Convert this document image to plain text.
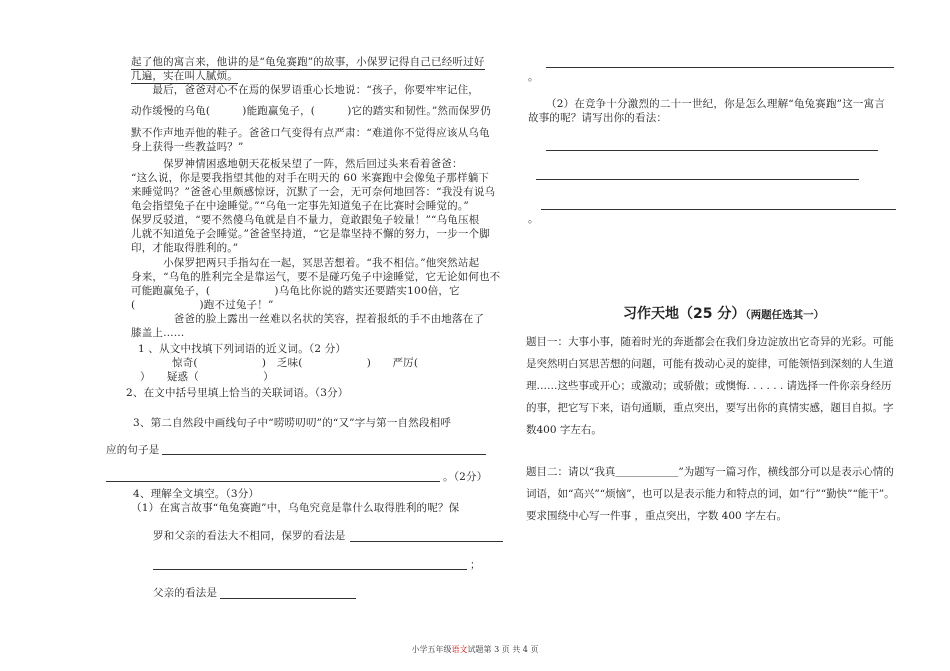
起了他的寓言来，他讲的是“龟兔赛跑”的故事，小保罗记得自己已经听过好
几遍，实在叫人腻烦。
　　最后，爸爸对心不在焉的保罗语重心长地说：“孩子，你要牢牢记住，
动作缓慢的乌龟(　　　)能跑赢兔子，(　　　)它的踏实和韧性。”然而保罗仍
默不作声地弄他的鞋子。爸爸口气变得有点严肃：“难道你不觉得应该从乌龟
身上获得一些教益吗？”
　　　保罗神情困惑地朝天花板呆望了一阵，然后回过头来看着爸爸：
“这么说，你是要我指望其他的对手在明天的 60 米赛跑中会像兔子那样躺下
来睡觉吗？”爸爸心里颇感惊讶，沉默了一会，无可奈何地回答：“我没有说乌
龟会指望兔子在中途睡觉。”“乌龟一定事先知道兔子在比赛时会睡觉的。”
保罗反驳道，“要不然傻乌龟就是自不量力，竟敢跟兔子较量！”“乌龟压根
儿就不知道兔子会睡觉。”爸爸坚持道，“它是靠坚持不懈的努力，一步一个脚
印，才能取得胜利的。”
　　　小保罗把两只手指勾在一起，冥思苦想着。“我不相信。”他突然站起
身来，“乌龟的胜利完全是靠运气，要不是碰巧兔子中途睡觉，它无论如何也不
可能跑赢兔子，(　　　　　　)乌龟比你说的踏实还要踏实100倍，它
(　　　　　　)跑不过兔子！”
　　　　爸爸的脸上露出一丝难以名状的笑容，捏着报纸的手不由地落在了
膝盖上……
1 、从文中找填下列词语的近义词。（2 分）
惊奇(　　　　　　)　乏味(　　　　　　)　　严厉(
）　　疑惑（　　　　　　）
2、在文中括号里填上恰当的关联词语。（3分）
3、第二自然段中画线句子中“唠唠叨叨”的“又”字与第一自然段相呼
应的句子是
。（2分）
4、理解全文填空。（3分）
（1）在寓言故事“龟兔赛跑”中，乌龟究竟是靠什么取得胜利的呢？保
罗和父亲的看法大不相同，保罗的看法是
；
父亲的看法是
。
（2）在竞争十分激烈的二十一世纪，你是怎么理解“龟兔赛跑”这一寓言
故事的呢？请写出你的看法：
。
习作天地（25 分）（两题任选其一）
题目一：大事小事，随着时光的奔逝都会在我们身边淀放出它奇异的光彩。可能是突然明白冥思苦想的问题，可能有拨动心灵的旋律，可能领悟到深刻的人生道理……这些事或开心；或激动；或骄傲；或懊悔. . . . . . 请选择一件你亲身经历的事，把它写下来，语句通顺，重点突出，要写出你的真情实感，题目自拟。字数400 字左右。
题目二：请以“我真＿＿＿＿＿＿”为题写一篇习作，横线部分可以是表示心情的词语，如“高兴”“烦恼”，也可以是表示能力和特点的词，如“行”“勤快”“能干”。要求围绕中心写一件事 ，重点突出，字数 400 字左右。
小学五年级语文试题第 3 页 共 4 页
